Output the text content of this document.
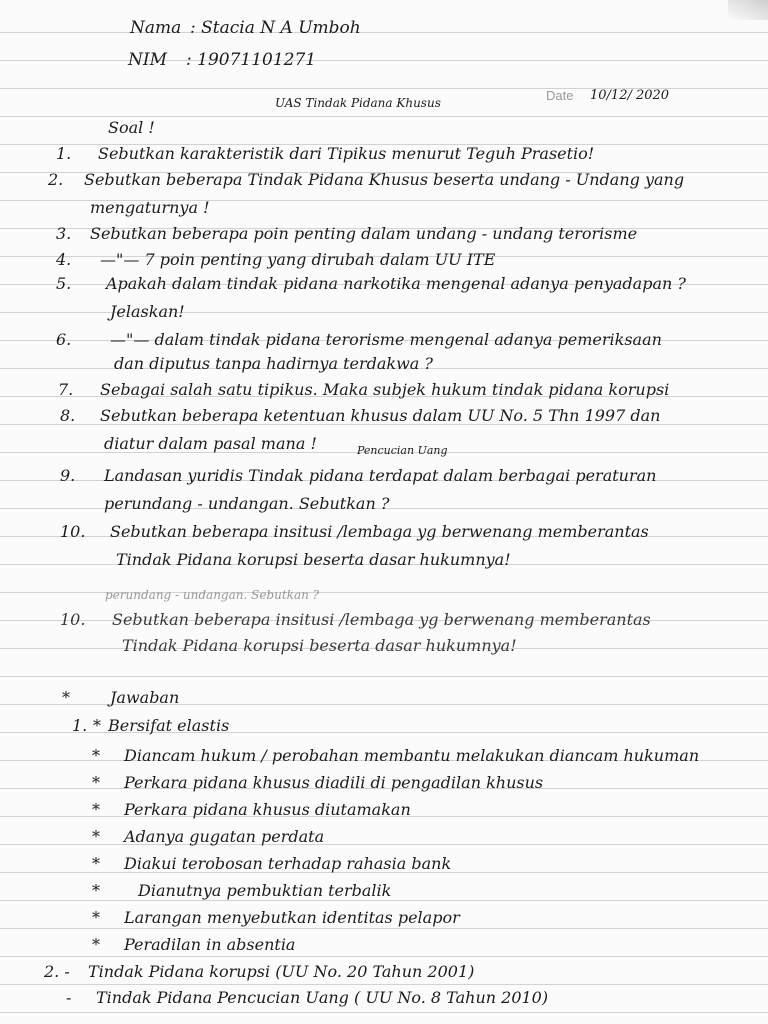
Nama : Stacia N A Umboh
NIM : 19071101271
Date 10/12/ 2020
UAS Tindak Pidana Khusus
Soal !
1. Sebutkan karakteristik dari Tipikus menurut Teguh Prasetio!
2. Sebutkan beberapa Tindak Pidana Khusus beserta undang - Undang yang
mengaturnya !
3. Sebutkan beberapa poin penting dalam undang - undang terorisme
4. —"— 7 poin penting yang dirubah dalam UU ITE
5. Apakah dalam tindak pidana narkotika mengenal adanya penyadapan ?
Jelaskan!
6. —"— dalam tindak pidana terorisme mengenal adanya pemeriksaan
dan diputus tanpa hadirnya terdakwa ?
7. Sebagai salah satu tipikus. Maka subjek hukum tindak pidana korupsi
8. Sebutkan beberapa ketentuan khusus dalam UU No. 5 Thn 1997 dan
diatur dalam pasal mana !
9. Landasan yuridis Tindak pidana terdapat dalam berbagai peraturan
perundang - undangan. Sebutkan ?
10. Sebutkan beberapa insitusi /lembaga yg berwenang memberantas
Tindak Pidana korupsi beserta dasar hukumnya!
Pencucian Uang
perundang - undangan. Sebutkan ?
10. Sebutkan beberapa insitusi /lembaga yg berwenang memberantas
Tindak Pidana korupsi beserta dasar hukumnya!
*	Jawaban
1. * Bersifat elastis
* Diancam hukum / perobahan membantu melakukan diancam hukuman
* Perkara pidana khusus diadili di pengadilan khusus
* Perkara pidana khusus diutamakan
* Adanya gugatan perdata
* Diakui terobosan terhadap rahasia bank
* Dianutnya pembuktian terbalik
* Larangan menyebutkan identitas pelapor
* Peradilan in absentia
2. - Tindak Pidana korupsi (UU No. 20 Tahun 2001)
- Tindak Pidana Pencucian Uang ( UU No. 8 Tahun 2010)
